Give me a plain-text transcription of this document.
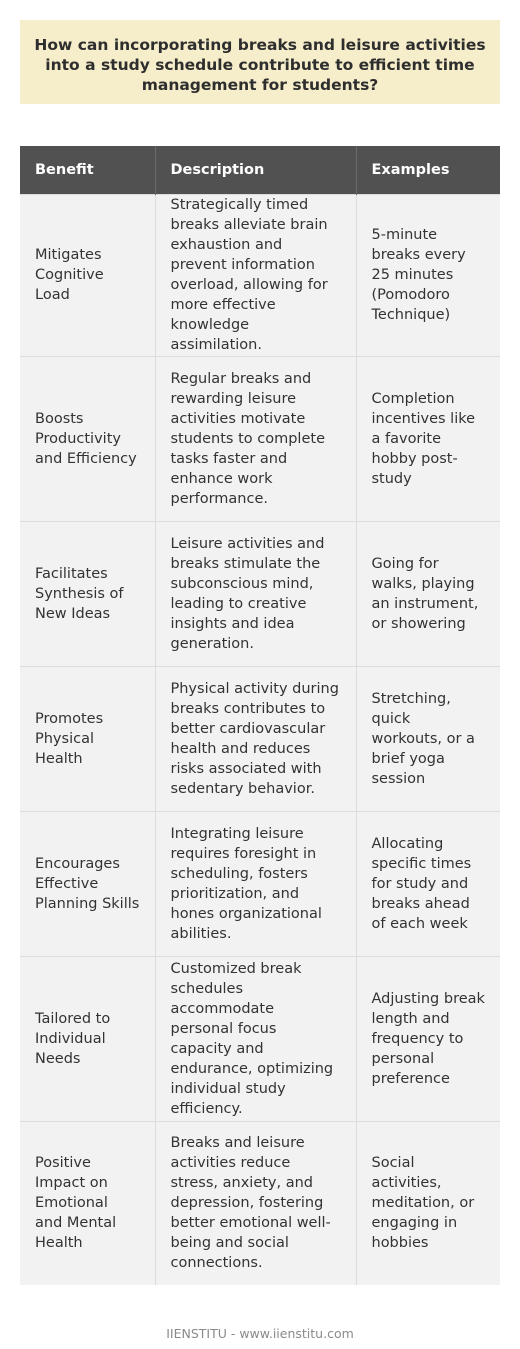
How can incorporating breaks and leisure activities into a study schedule contribute to efficient time management for students?
Benefit	Description	Examples
Mitigates Cognitive Load	Strategically timed breaks alleviate brain exhaustion and prevent information overload, allowing for more effective knowledge assimilation.	5-minute breaks every 25 minutes (Pomodoro Technique)
Boosts Productivity and Efficiency	Regular breaks and rewarding leisure activities motivate students to complete tasks faster and enhance work performance.	Completion incentives like a favorite hobby post-study
Facilitates Synthesis of New Ideas	Leisure activities and breaks stimulate the subconscious mind, leading to creative insights and idea generation.	Going for walks, playing an instrument, or showering
Promotes Physical Health	Physical activity during breaks contributes to better cardiovascular health and reduces risks associated with sedentary behavior.	Stretching, quick workouts, or a brief yoga session
Encourages Effective Planning Skills	Integrating leisure requires foresight in scheduling, fosters prioritization, and hones organizational abilities.	Allocating specific times for study and breaks ahead of each week
Tailored to Individual Needs	Customized break schedules accommodate personal focus capacity and endurance, optimizing individual study efficiency.	Adjusting break length and frequency to personal preference
Positive Impact on Emotional and Mental Health	Breaks and leisure activities reduce stress, anxiety, and depression, fostering better emotional well-being and social connections.	Social activities, meditation, or engaging in hobbies
IIENSTITU - www.iienstitu.com
